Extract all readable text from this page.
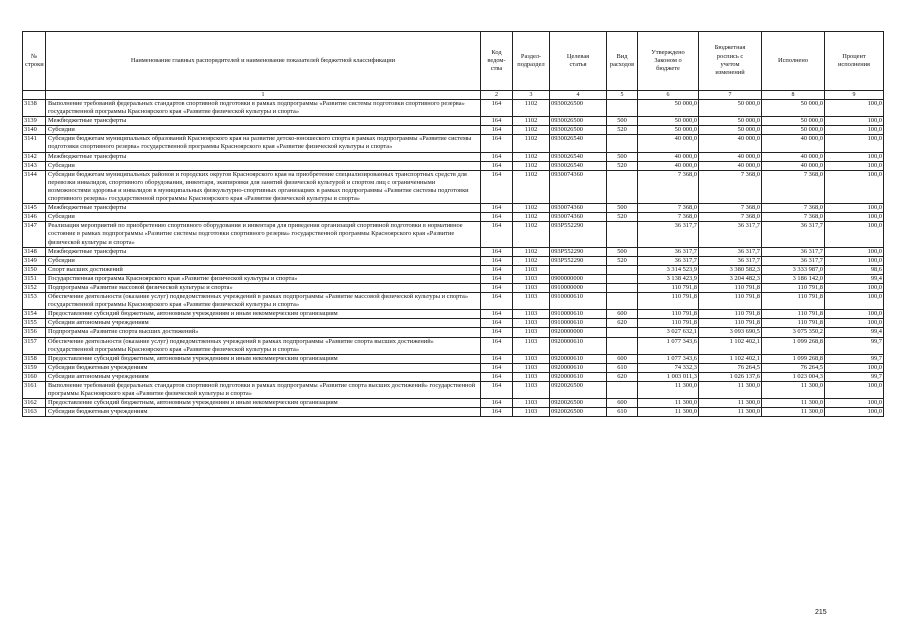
№
строки	Наименование главных распорядителей и наименование показателей бюджетной классификации	Код
ведом-
ства	Раздел-
подраздел	Целевая
статья	Вид
расходов	Утверждено
Законом о
бюджете	Бюджетная
роспись с
учетом
изменений	Исполнено	Процент
исполнения
	1	2	3	4	5	6	7	8	9
3138	Выполнение требований федеральных стандартов спортивной подготовки в рамках подпрограммы «Развитие системы подготовки спортивного резерва» государственной программы Красноярского края «Развитие физической культуры и спорта»	164	1102	0930026500		50 000,0	50 000,0	50 000,0	100,0
3139	Межбюджетные трансферты	164	1102	0930026500	500	50 000,0	50 000,0	50 000,0	100,0
3140	Субсидии	164	1102	0930026500	520	50 000,0	50 000,0	50 000,0	100,0
3141	Субсидии бюджетам муниципальных образований Красноярского края на развитие детско-юношеского спорта в рамках подпрограммы «Развитие системы подготовки спортивного резерва» государственной программы Красноярского края «Развитие физической культуры и спорта»	164	1102	0930026540		40 000,0	40 000,0	40 000,0	100,0
3142	Межбюджетные трансферты	164	1102	0930026540	500	40 000,0	40 000,0	40 000,0	100,0
3143	Субсидии	164	1102	0930026540	520	40 000,0	40 000,0	40 000,0	100,0
3144	Субсидии бюджетам муниципальных районов и городских округов Красноярского края на приобретение специализированных транспортных средств для перевозки инвалидов, спортивного оборудования, инвентаря, экипировки для занятий физической культурой и спортом лиц с ограниченными возможностями здоровья и инвалидов в муниципальных физкультурно-спортивных организациях в рамках подпрограммы «Развитие системы подготовки спортивного резерва» государственной программы Красноярского края «Развитие физической культуры и спорта»	164	1102	0930074360		7 368,0	7 368,0	7 368,0	100,0
3145	Межбюджетные трансферты	164	1102	0930074360	500	7 368,0	7 368,0	7 368,0	100,0
3146	Субсидии	164	1102	0930074360	520	7 368,0	7 368,0	7 368,0	100,0
3147	Реализация мероприятий по приобретению спортивного оборудования и инвентаря для приведения организаций спортивной подготовки в нормативное состояние в рамках подпрограммы «Развитие системы подготовки спортивного резерва» государственной программы Красноярского края «Развитие физической культуры и спорта»	164	1102	093P552290		36 317,7	36 317,7	36 317,7	100,0
3148	Межбюджетные трансферты	164	1102	093P552290	500	36 317,7	36 317,7	36 317,7	100,0
3149	Субсидии	164	1102	093P552290	520	36 317,7	36 317,7	36 317,7	100,0
3150	Спорт высших достижений	164	1103			3 314 523,9	3 380 582,3	3 333 987,0	98,6
3151	Государственная программа Красноярского края «Развитие физической культуры и спорта»	164	1103	0900000000		3 138 423,9	3 204 482,3	3 186 142,0	99,4
3152	Подпрограмма «Развитие массовой физической культуры и спорта»	164	1103	0910000000		110 791,8	110 791,8	110 791,8	100,0
3153	Обеспечение деятельности (оказание услуг) подведомственных учреждений в рамках подпрограммы «Развитие массовой физической культуры и спорта» государственной программы Красноярского края «Развитие физической культуры и спорта»	164	1103	0910000610		110 791,8	110 791,8	110 791,8	100,0
3154	Предоставление субсидий бюджетным, автономным учреждениям и иным некоммерческим организациям	164	1103	0910000610	600	110 791,8	110 791,8	110 791,8	100,0
3155	Субсидии автономным учреждениям	164	1103	0910000610	620	110 791,8	110 791,8	110 791,8	100,0
3156	Подпрограмма «Развитие спорта высших достижений»	164	1103	0920000000		3 027 632,1	3 093 690,5	3 075 350,2	99,4
3157	Обеспечение деятельности (оказание услуг) подведомственных учреждений в рамках подпрограммы «Развитие спорта высших достижений» государственной программы Красноярского края «Развитие физической культуры и спорта»	164	1103	0920000610		1 077 343,6	1 102 402,1	1 099 268,8	99,7
3158	Предоставление субсидий бюджетным, автономным учреждениям и иным некоммерческим организациям	164	1103	0920000610	600	1 077 343,6	1 102 402,1	1 099 268,8	99,7
3159	Субсидии бюджетным учреждениям	164	1103	0920000610	610	74 332,3	76 264,5	76 264,5	100,0
3160	Субсидии автономным учреждениям	164	1103	0920000610	620	1 003 011,3	1 026 137,6	1 023 004,3	99,7
3161	Выполнение требований федеральных стандартов спортивной подготовки в рамках подпрограммы «Развитие спорта высших достижений» государственной программы Красноярского края «Развитие физической культуры и спорта»	164	1103	0920026500		11 300,0	11 300,0	11 300,0	100,0
3162	Предоставление субсидий бюджетным, автономным учреждениям и иным некоммерческим организациям	164	1103	0920026500	600	11 300,0	11 300,0	11 300,0	100,0
3163	Субсидии бюджетным учреждениям	164	1103	0920026500	610	11 300,0	11 300,0	11 300,0	100,0
215
